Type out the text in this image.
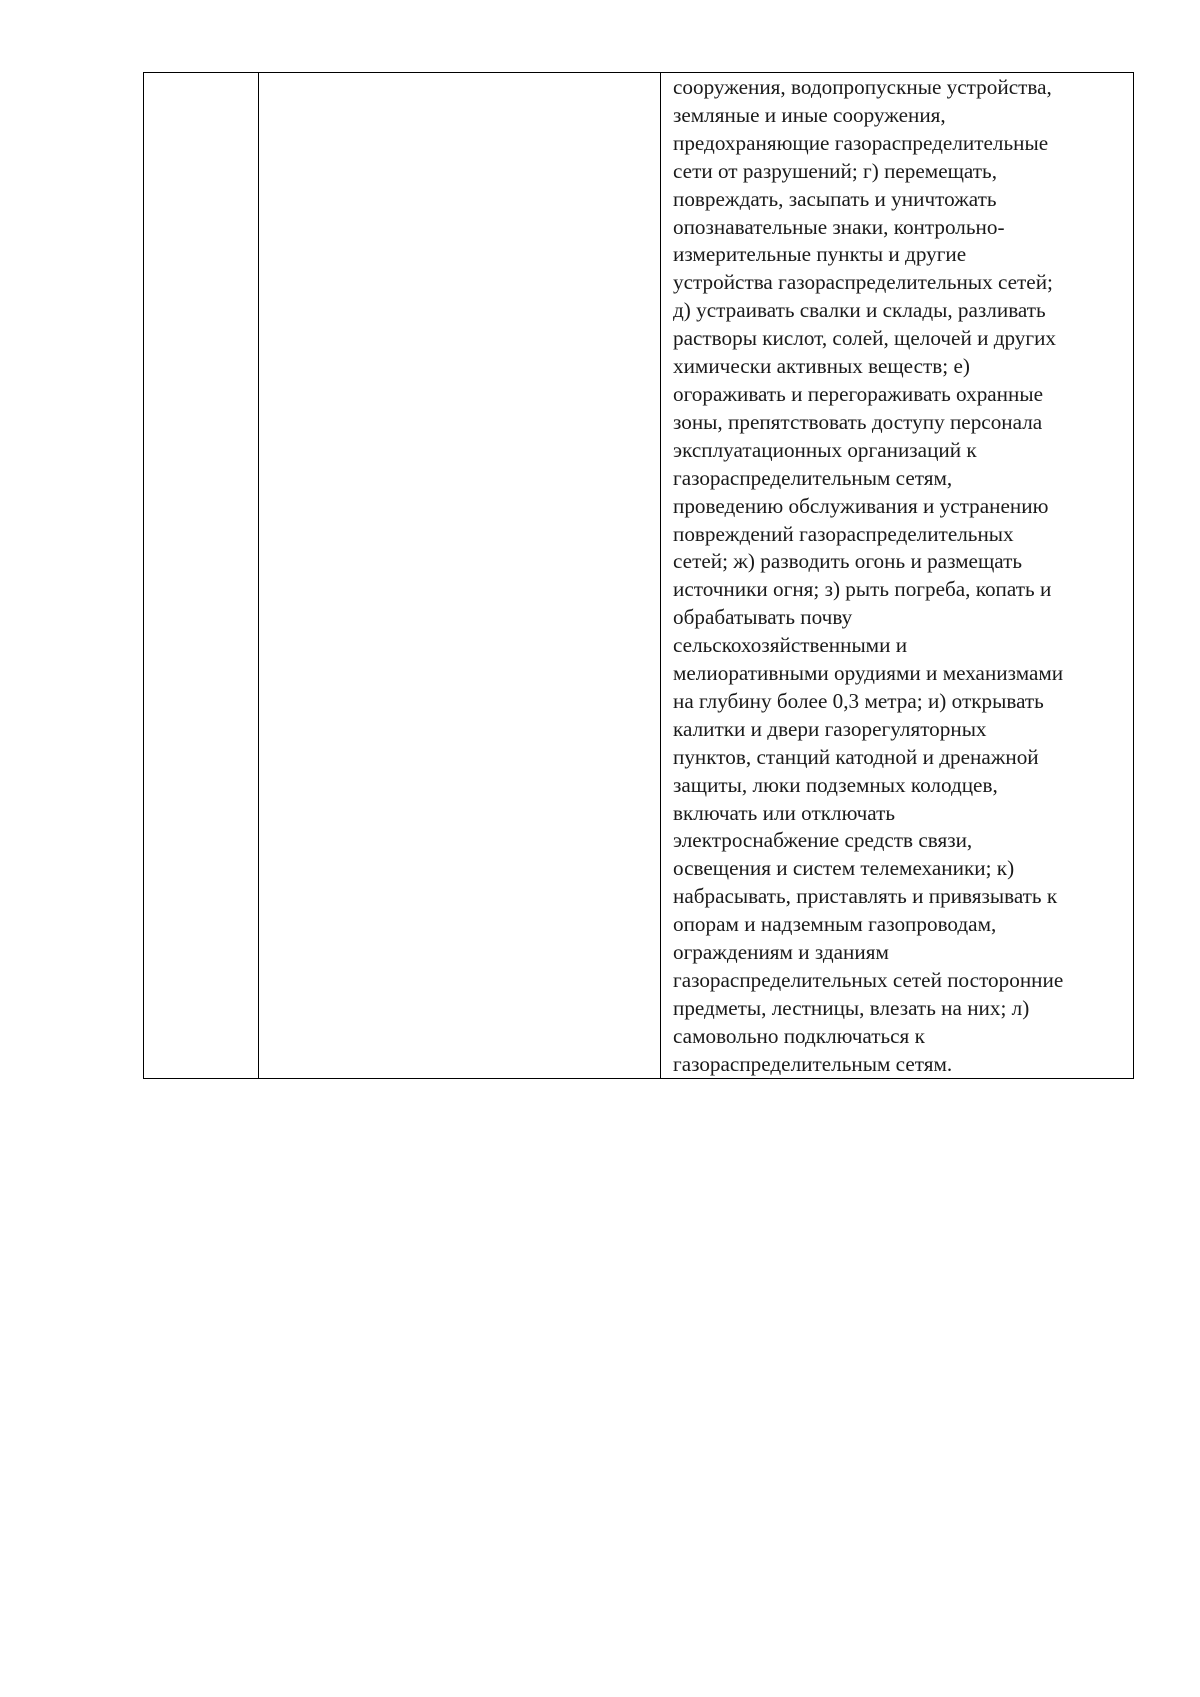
сооружения, водопропускные устройства,
земляные и иные сооружения,
предохраняющие газораспределительные
сети от разрушений; г) перемещать,
повреждать, засыпать и уничтожать
опознавательные знаки, контрольно-
измерительные пункты и другие
устройства газораспределительных сетей;
д) устраивать свалки и склады, разливать
растворы кислот, солей, щелочей и других
химически активных веществ; е)
огораживать и перегораживать охранные
зоны, препятствовать доступу персонала
эксплуатационных организаций к
газораспределительным сетям,
проведению обслуживания и устранению
повреждений газораспределительных
сетей; ж) разводить огонь и размещать
источники огня; з) рыть погреба, копать и
обрабатывать почву
сельскохозяйственными и
мелиоративными орудиями и механизмами
на глубину более 0,3 метра; и) открывать
калитки и двери газорегуляторных
пунктов, станций катодной и дренажной
защиты, люки подземных колодцев,
включать или отключать
электроснабжение средств связи,
освещения и систем телемеханики; к)
набрасывать, приставлять и привязывать к
опорам и надземным газопроводам,
ограждениям и зданиям
газораспределительных сетей посторонние
предметы, лестницы, влезать на них; л)
самовольно подключаться к
газораспределительным сетям.
